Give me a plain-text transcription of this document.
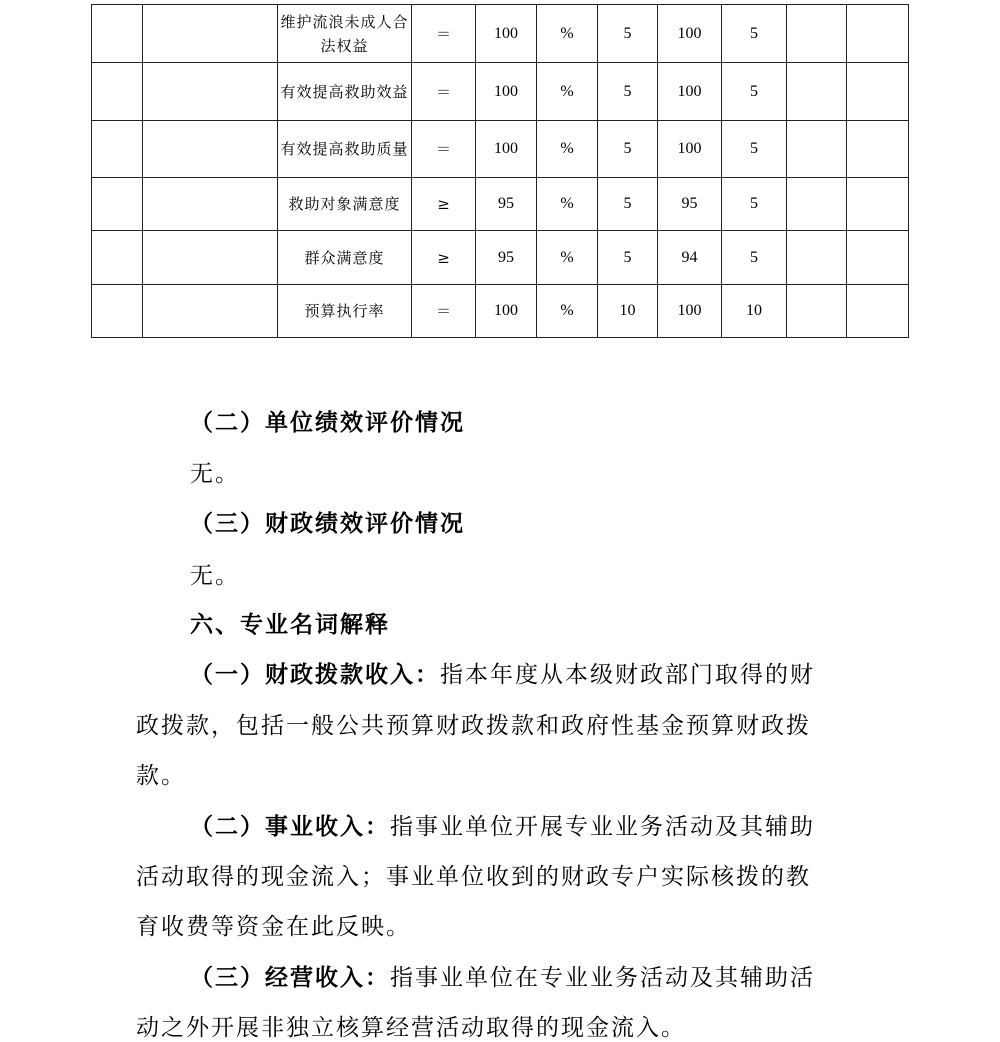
		维护流浪未成人合法权益	＝	100	%	5	100	5		
		有效提高救助效益	＝	100	%	5	100	5		
		有效提高救助质量	＝	100	%	5	100	5		
		救助对象满意度	≥	95	%	5	95	5		
		群众满意度	≥	95	%	5	94	5		
		预算执行率	＝	100	%	10	100	10		
（二）单位绩效评价情况
无。
（三）财政绩效评价情况
无。
六、专业名词解释
（一）财政拨款收入：指本年度从本级财政部门取得的财
政拨款，包括一般公共预算财政拨款和政府性基金预算财政拨
款。
（二）事业收入：指事业单位开展专业业务活动及其辅助
活动取得的现金流入；事业单位收到的财政专户实际核拨的教
育收费等资金在此反映。
（三）经营收入：指事业单位在专业业务活动及其辅助活
动之外开展非独立核算经营活动取得的现金流入。
